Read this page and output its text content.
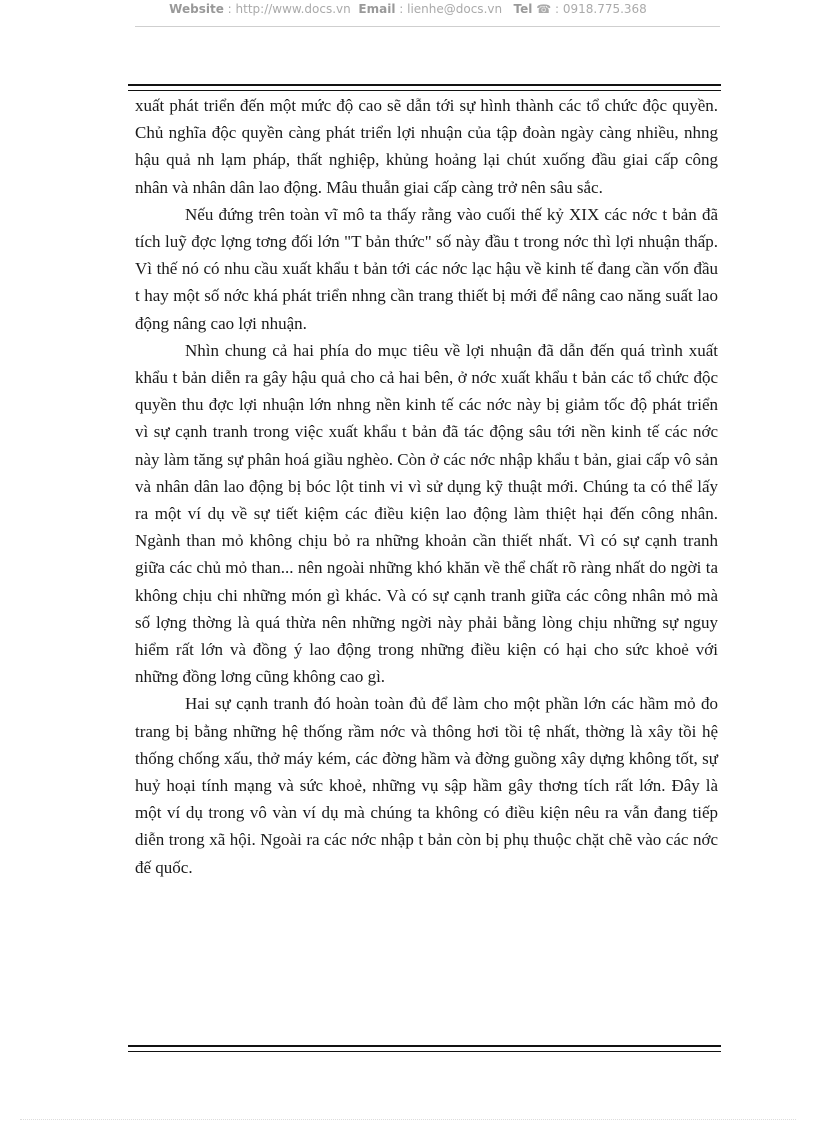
Website : http://www.docs.vn Email : lienhe@docs.vn Tel ☎ : 0918.775.368

xuất phát triển đến một mức độ cao sẽ dẫn tới sự hình thành các tổ chức độc quyền. Chủ nghĩa độc quyền càng phát triển lợi nhuận của tập đoàn ngày càng nhiều, nhng hậu quả nh lạm pháp, thất nghiệp, khủng hoảng lại chút xuống đầu giai cấp công nhân và nhân dân lao động. Mâu thuẫn giai cấp càng trở nên sâu sắc.

Nếu đứng trên toàn vĩ mô ta thấy rằng vào cuối thế kỷ XIX các nớc t bản đã tích luỹ đợc lợng tơng đối lớn "T bản thức" số này đầu t trong nớc thì lợi nhuận thấp. Vì thế nó có nhu cầu xuất khẩu t bản tới các nớc lạc hậu về kinh tế đang cần vốn đầu t hay một số nớc khá phát triển nhng cần trang thiết bị mới để nâng cao năng suất lao động nâng cao lợi nhuận.

Nhìn chung cả hai phía do mục tiêu về lợi nhuận đã dẫn đến quá trình xuất khẩu t bản diễn ra gây hậu quả cho cả hai bên, ở nớc xuất khẩu t bản các tổ chức độc quyền thu đợc lợi nhuận lớn nhng nền kinh tế các nớc này bị giảm tốc độ phát triển vì sự cạnh tranh trong việc xuất khẩu t bản đã tác động sâu tới nền kinh tế các nớc này làm tăng sự phân hoá giầu nghèo. Còn ở các nớc nhập khẩu t bản, giai cấp vô sản và nhân dân lao động bị bóc lột tinh vi vì sử dụng kỹ thuật mới. Chúng ta có thể lấy ra một ví dụ về sự tiết kiệm các điều kiện lao động làm thiệt hại đến công nhân. Ngành than mỏ không chịu bỏ ra những khoản cần thiết nhất. Vì có sự cạnh tranh giữa các chủ mỏ than... nên ngoài những khó khăn về thể chất rõ ràng nhất do ngời ta không chịu chi những món gì khác. Và có sự cạnh tranh giữa các công nhân mỏ mà số lợng thờng là quá thừa nên những ngời này phải bằng lòng chịu những sự nguy hiểm rất lớn và đồng ý lao động trong những điều kiện có hại cho sức khoẻ với những đồng lơng cũng không cao gì.

Hai sự cạnh tranh đó hoàn toàn đủ để làm cho một phần lớn các hầm mỏ đo trang bị bằng những hệ thống rầm nớc và thông hơi tồi tệ nhất, thờng là xây tồi hệ thống chống xấu, thở máy kém, các đờng hầm và đờng guồng xây dựng không tốt, sự huỷ hoại tính mạng và sức khoẻ, những vụ sập hầm gây thơng tích rất lớn. Đây là một ví dụ trong vô vàn ví dụ mà chúng ta không có điều kiện nêu ra vẫn đang tiếp diễn trong xã hội. Ngoài ra các nớc nhập t bản còn bị phụ thuộc chặt chẽ vào các nớc đế quốc.
